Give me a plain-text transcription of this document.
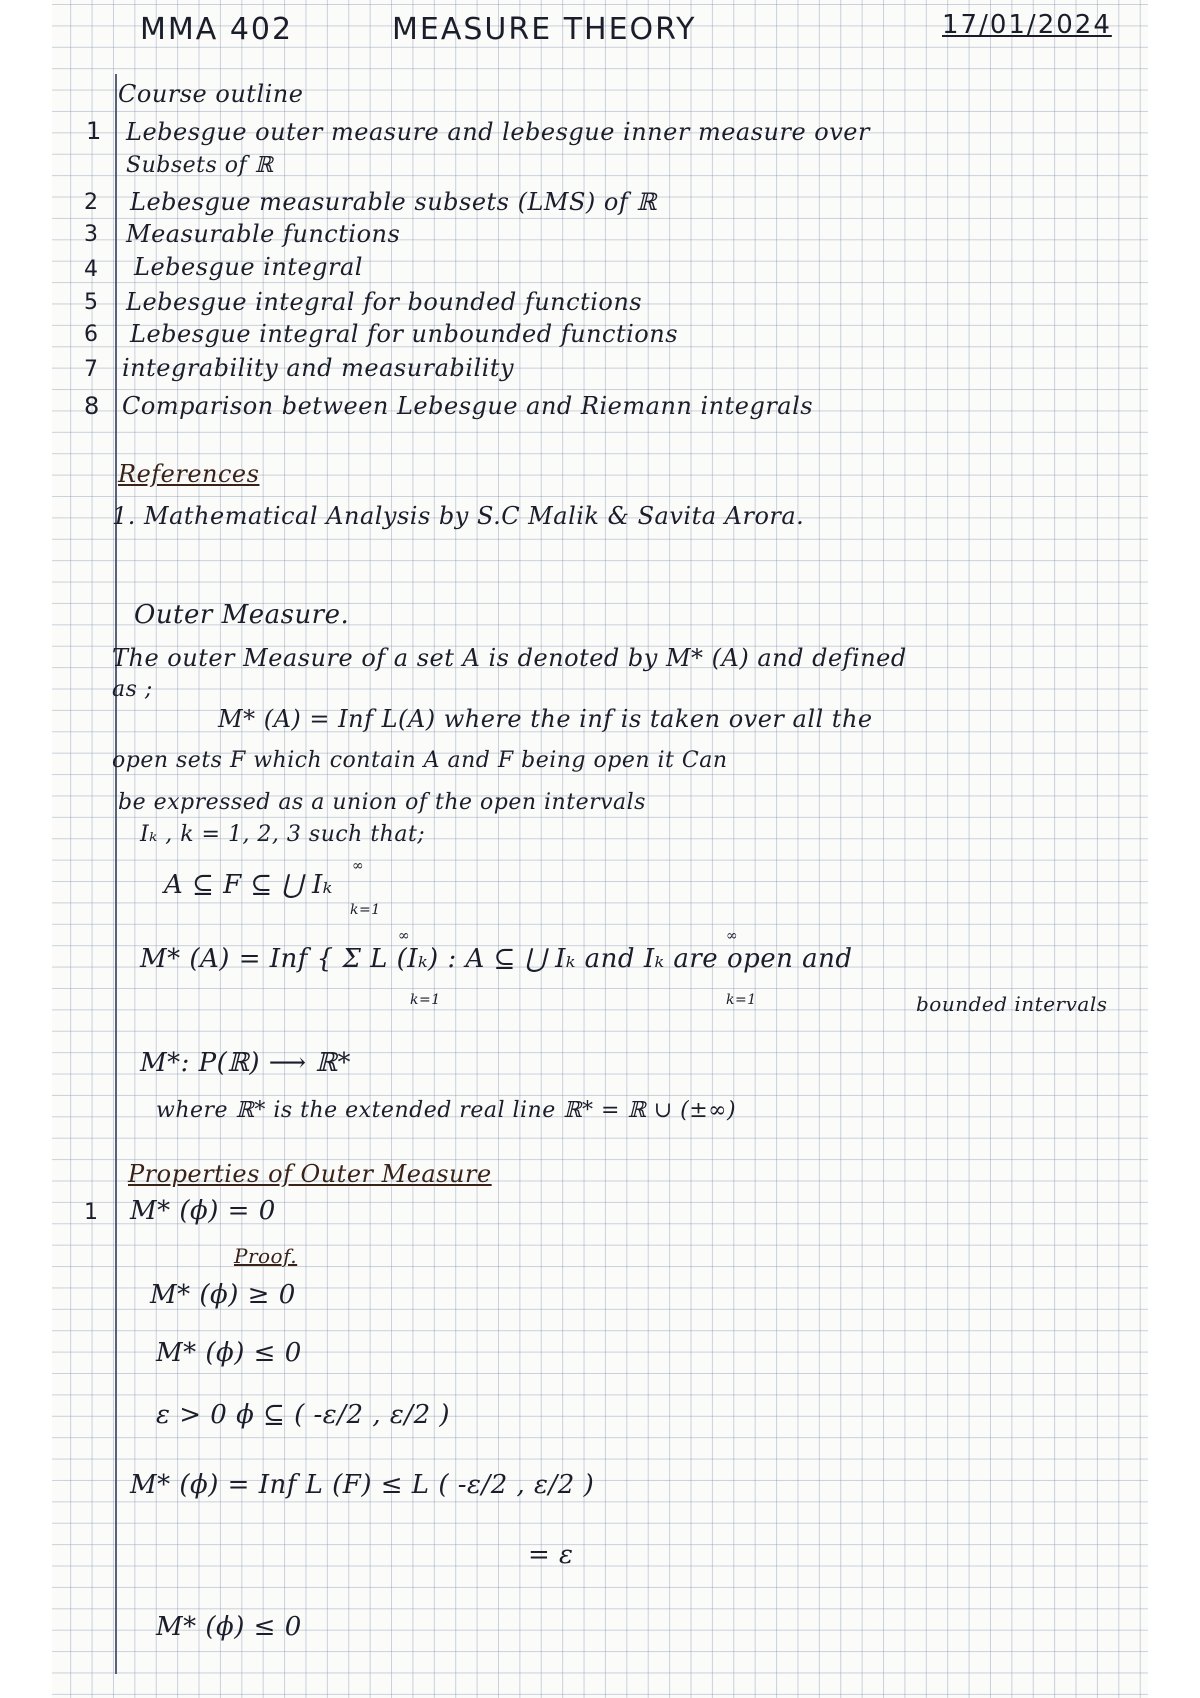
MMA 402	MEASURE THEORY	17/01/2024
Course outline
1 Lebesgue outer measure and lebesgue inner measure over
Subsets of ℝ
2 Lebesgue measurable subsets (LMS) of ℝ
3 Measurable functions
4 Lebesgue integral
5 Lebesgue integral for bounded functions
6 Lebesgue integral for unbounded functions
7 integrability and measurability
8 Comparison between Lebesgue and Riemann integrals
References
1. Mathematical Analysis by S.C Malik & Savita Arora.
Outer Measure.
The outer Measure of a set A is denoted by M* (A) and defined
as ;
M* (A) = Inf L(A) where the inf is taken over all the
open sets F which contain A and F being open it Can
be expressed as a union of the open intervals
Iₖ , k = 1, 2, 3 such that;
∞
A ⊆ F ⊆ ⋃ Iₖ
k=1
∞	∞
M* (A) = Inf { Σ L (Iₖ) : A ⊆ ⋃ Iₖ and Iₖ are open and
k=1	k=1	bounded intervals
M*: P(ℝ) ⟶ ℝ*
where ℝ* is the extended real line ℝ* = ℝ ∪ (±∞)
Properties of Outer Measure
1 M* (ϕ) = 0
Proof.
M* (ϕ) ≥ 0
M* (ϕ) ≤ 0
ε > 0 ϕ ⊆ ( -ε/2 , ε/2 )
M* (ϕ) = Inf L (F) ≤ L ( -ε/2 , ε/2 )
= ε
M* (ϕ) ≤ 0
